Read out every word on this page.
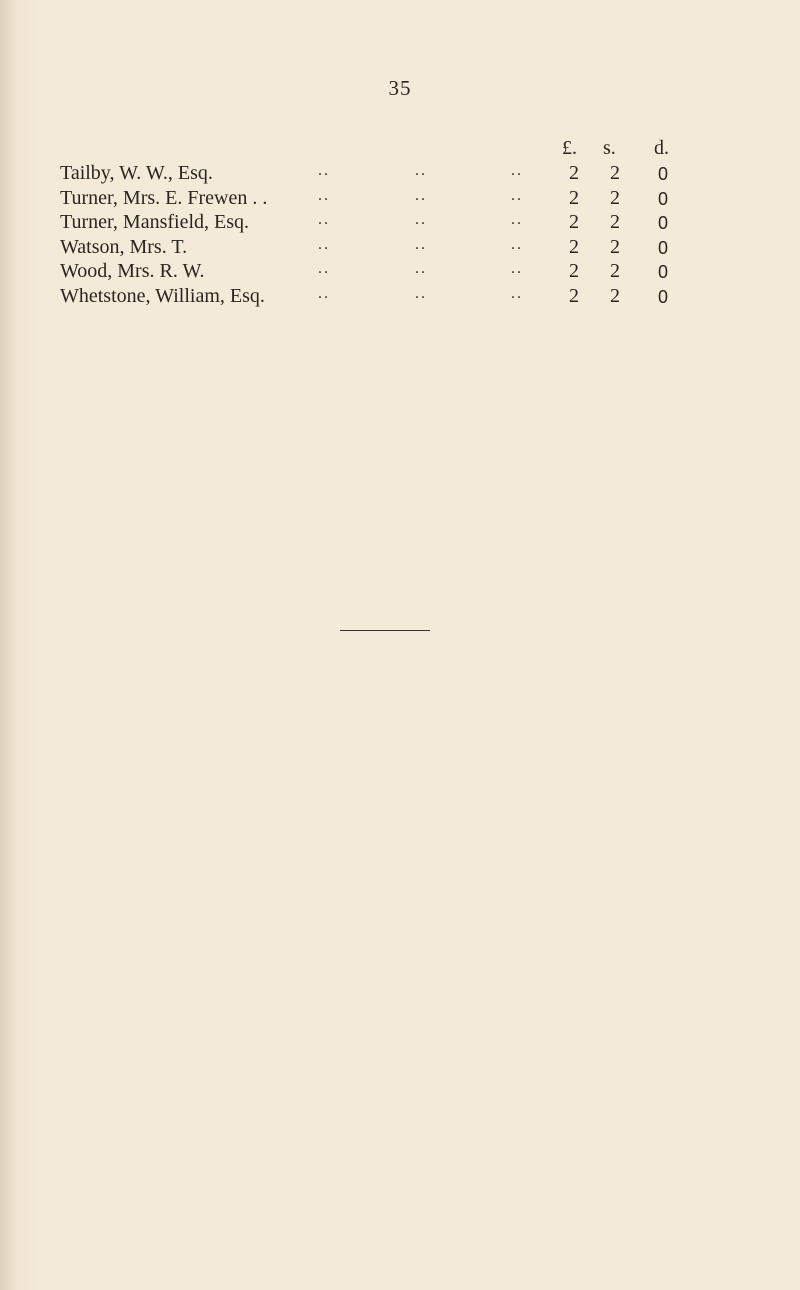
35
£. s. d.
Tailby, W. W., Esq.	..	..	.. 2 2 0
Turner, Mrs. E. Frewen . .	..	..	.. 2 2 0
Turner, Mansfield, Esq.	..	..	.. 2 2 0
Watson, Mrs. T.	..	..	.. 2 2 0
Wood, Mrs. R. W.	..	..	.. 2 2 0
Whetstone, William, Esq.	..	..	.. 2 2 0
